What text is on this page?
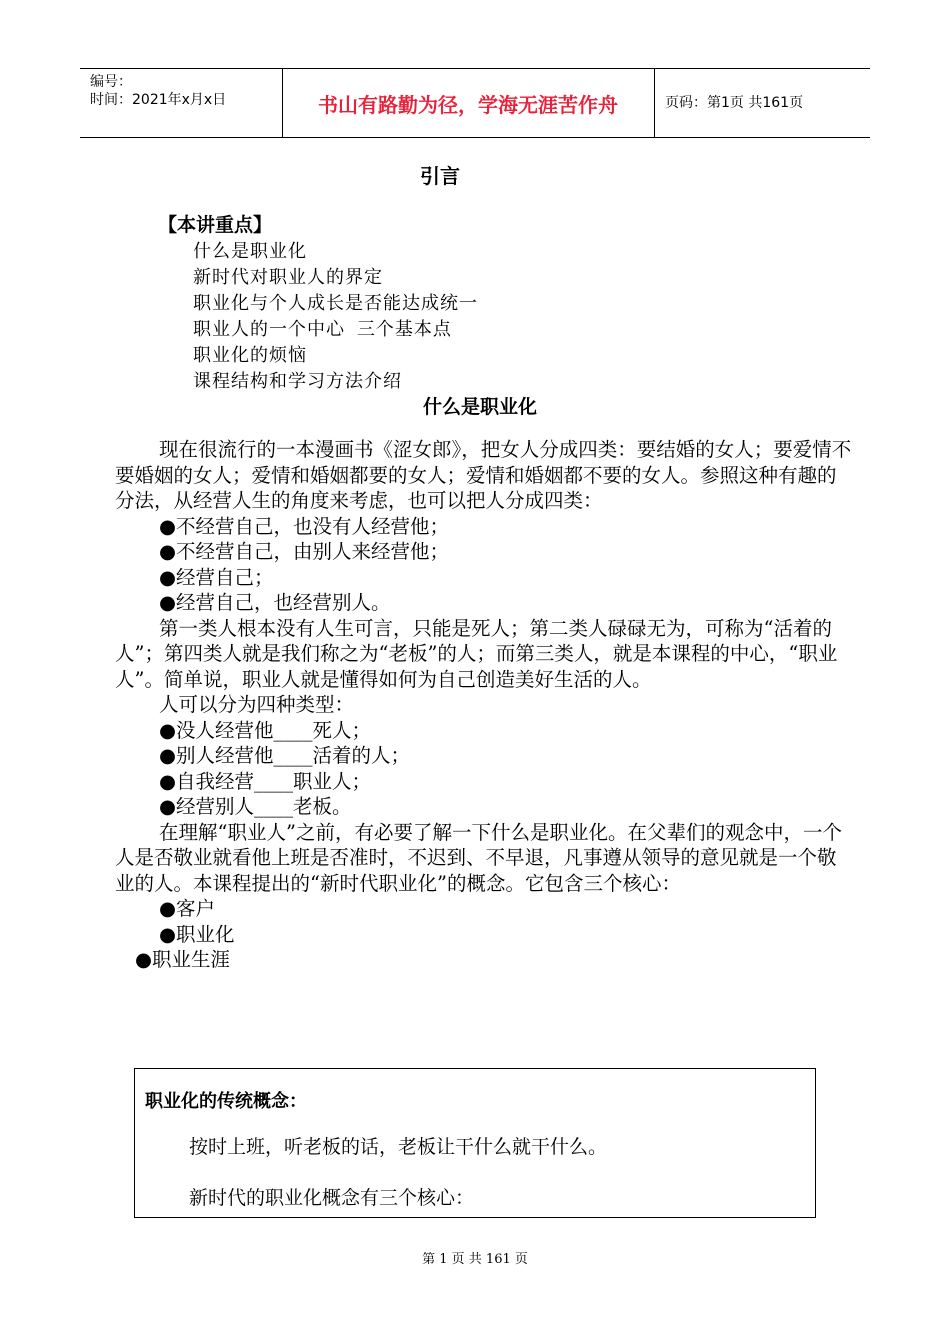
编号：
时间：2021年x月x日	书山有路勤为径，学海无涯苦作舟	页码：第1页 共161页
引言
【本讲重点】
什么是职业化
新时代对职业人的界定
职业化与个人成长是否能达成统一
职业人的一个中心 三个基本点
职业化的烦恼
课程结构和学习方法介绍
什么是职业化

现在很流行的一本漫画书《涩女郎》，把女人分成四类：要结婚的女人；要爱情不要婚姻的女人；爱情和婚姻都要的女人；爱情和婚姻都不要的女人。参照这种有趣的分法，从经营人生的角度来考虑，也可以把人分成四类：

●不经营自己，也没有人经营他；

●不经营自己，由别人来经营他；

●经营自己；

●经营自己，也经营别人。

第一类人根本没有人生可言，只能是死人；第二类人碌碌无为，可称为“活着的人”；第四类人就是我们称之为“老板”的人；而第三类人，就是本课程的中心，“职业人”。简单说，职业人就是懂得如何为自己创造美好生活的人。

人可以分为四种类型：

●没人经营他____死人；

●别人经营他____活着的人；

●自我经营____职业人；

●经营别人____老板。

在理解“职业人”之前，有必要了解一下什么是职业化。在父辈们的观念中，一个人是否敬业就看他上班是否准时，不迟到、不早退，凡事遵从领导的意见就是一个敬业的人。本课程提出的“新时代职业化”的概念。它包含三个核心：

●客户

●职业化

●职业生涯

职业化的传统概念：
按时上班，听老板的话，老板让干什么就干什么。
新时代的职业化概念有三个核心：
第 1 页 共 161 页
